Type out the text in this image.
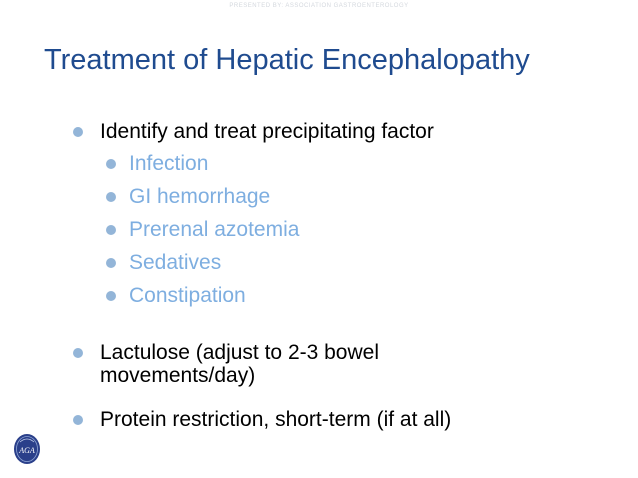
PRESENTED BY: ASSOCIATION GASTROENTEROLOGY
Treatment of Hepatic Encephalopathy
Identify and treat precipitating factor
Infection
GI hemorrhage
Prerenal azotemia
Sedatives
Constipation
Lactulose (adjust to 2-3 bowel
movements/day)
Protein restriction, short-term (if at all)
AGA
